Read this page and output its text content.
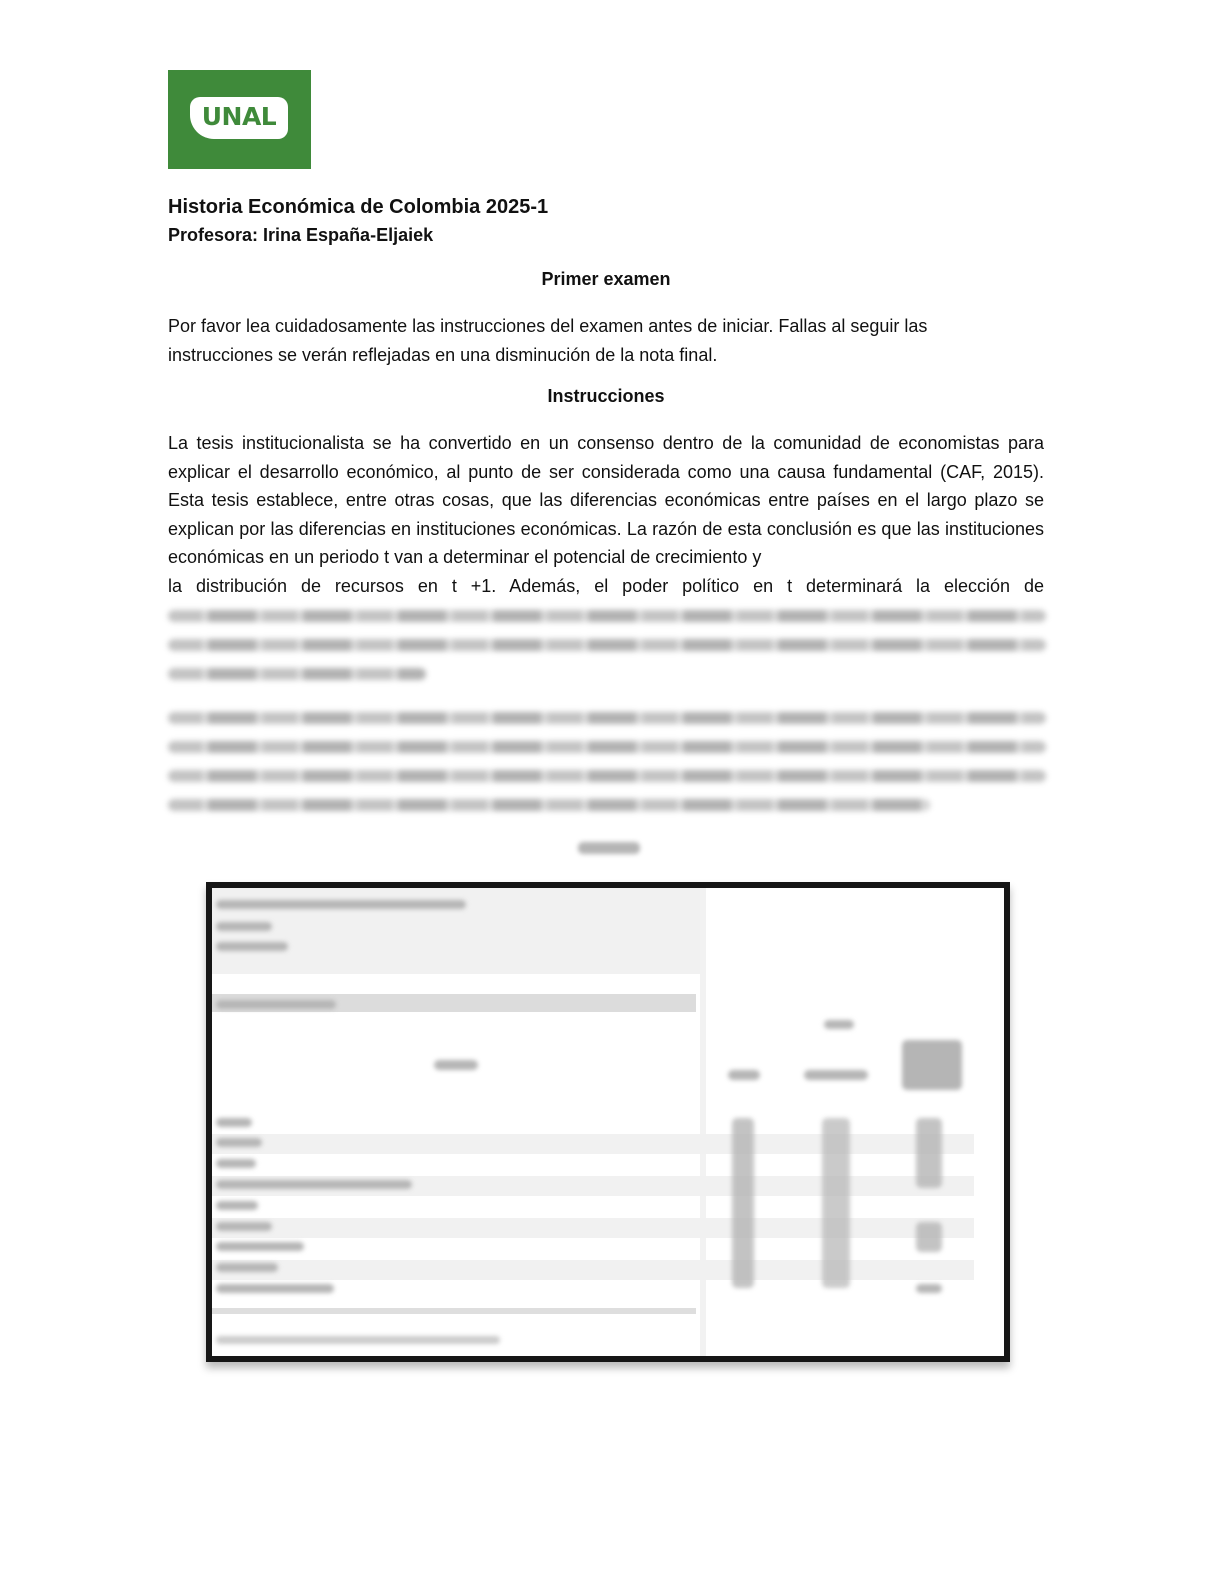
UNAL
Historia Económica de Colombia 2025-1
Profesora: Irina España-Eljaiek
Primer examen
Por favor lea cuidadosamente las instrucciones del examen antes de iniciar. Fallas al seguir las
instrucciones se verán reflejadas en una disminución de la nota final.
Instrucciones

La tesis institucionalista se ha convertido en un consenso dentro de la comunidad de economistas para explicar el desarrollo económico, al punto de ser considerada como una causa fundamental (CAF, 2015). Esta tesis establece, entre otras cosas, que las diferencias económicas entre países en el largo plazo se explican por las diferencias en instituciones económicas. La razón de esta conclusión es que las instituciones económicas en un periodo t van a determinar el potencial de crecimiento y

la distribución de recursos en t +1. Además, el poder político en t determinará la elección de
